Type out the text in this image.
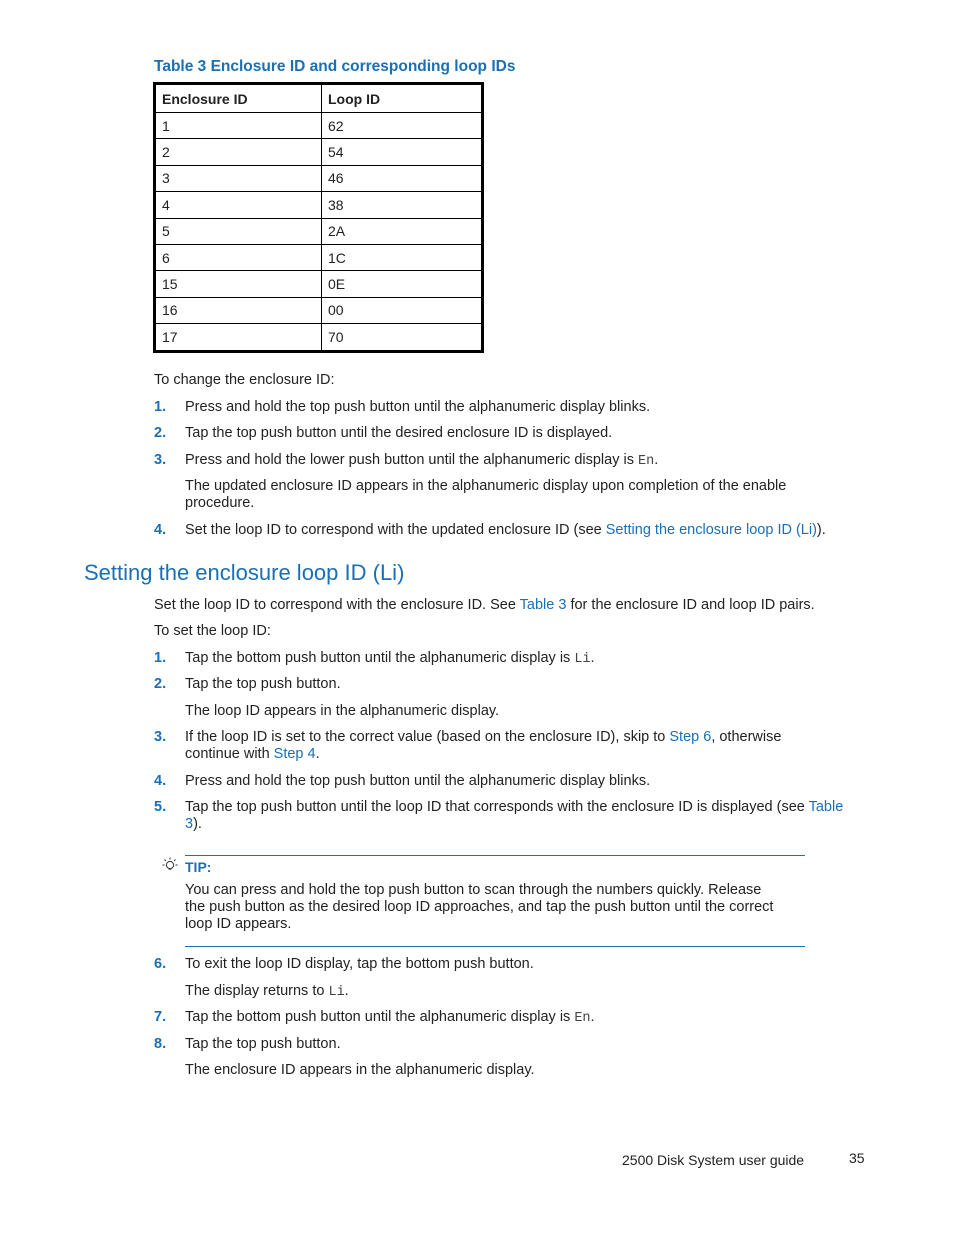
Table 3 Enclosure ID and corresponding loop IDs

Enclosure ID	Loop ID
1	62
2	54
3	46
4	38
5	2A
6	1C
15	0E
16	00
17	70

To change the enclosure ID:

1. Press and hold the top push button until the alphanumeric display blinks.

2. Tap the top push button until the desired enclosure ID is displayed.

3. Press and hold the lower push button until the alphanumeric display is En.

The updated enclosure ID appears in the alphanumeric display upon completion of the enable procedure.

4. Set the loop ID to correspond with the updated enclosure ID (see Setting the enclosure loop ID (Li)).

Setting the enclosure loop ID (Li)

Set the loop ID to correspond with the enclosure ID. See Table 3 for the enclosure ID and loop ID pairs.

To set the loop ID:

1. Tap the bottom push button until the alphanumeric display is Li.

2. Tap the top push button.

The loop ID appears in the alphanumeric display.

3. If the loop ID is set to the correct value (based on the enclosure ID), skip to Step 6, otherwise continue with Step 4.

4. Press and hold the top push button until the alphanumeric display blinks.

5. Tap the top push button until the loop ID that corresponds with the enclosure ID is displayed (see Table 3).

TIP:

You can press and hold the top push button to scan through the numbers quickly. Release the push button as the desired loop ID approaches, and tap the push button until the correct loop ID appears.

6. To exit the loop ID display, tap the bottom push button.

The display returns to Li.

7. Tap the bottom push button until the alphanumeric display is En.

8. Tap the top push button.

The enclosure ID appears in the alphanumeric display.

2500 Disk System user guide	35
